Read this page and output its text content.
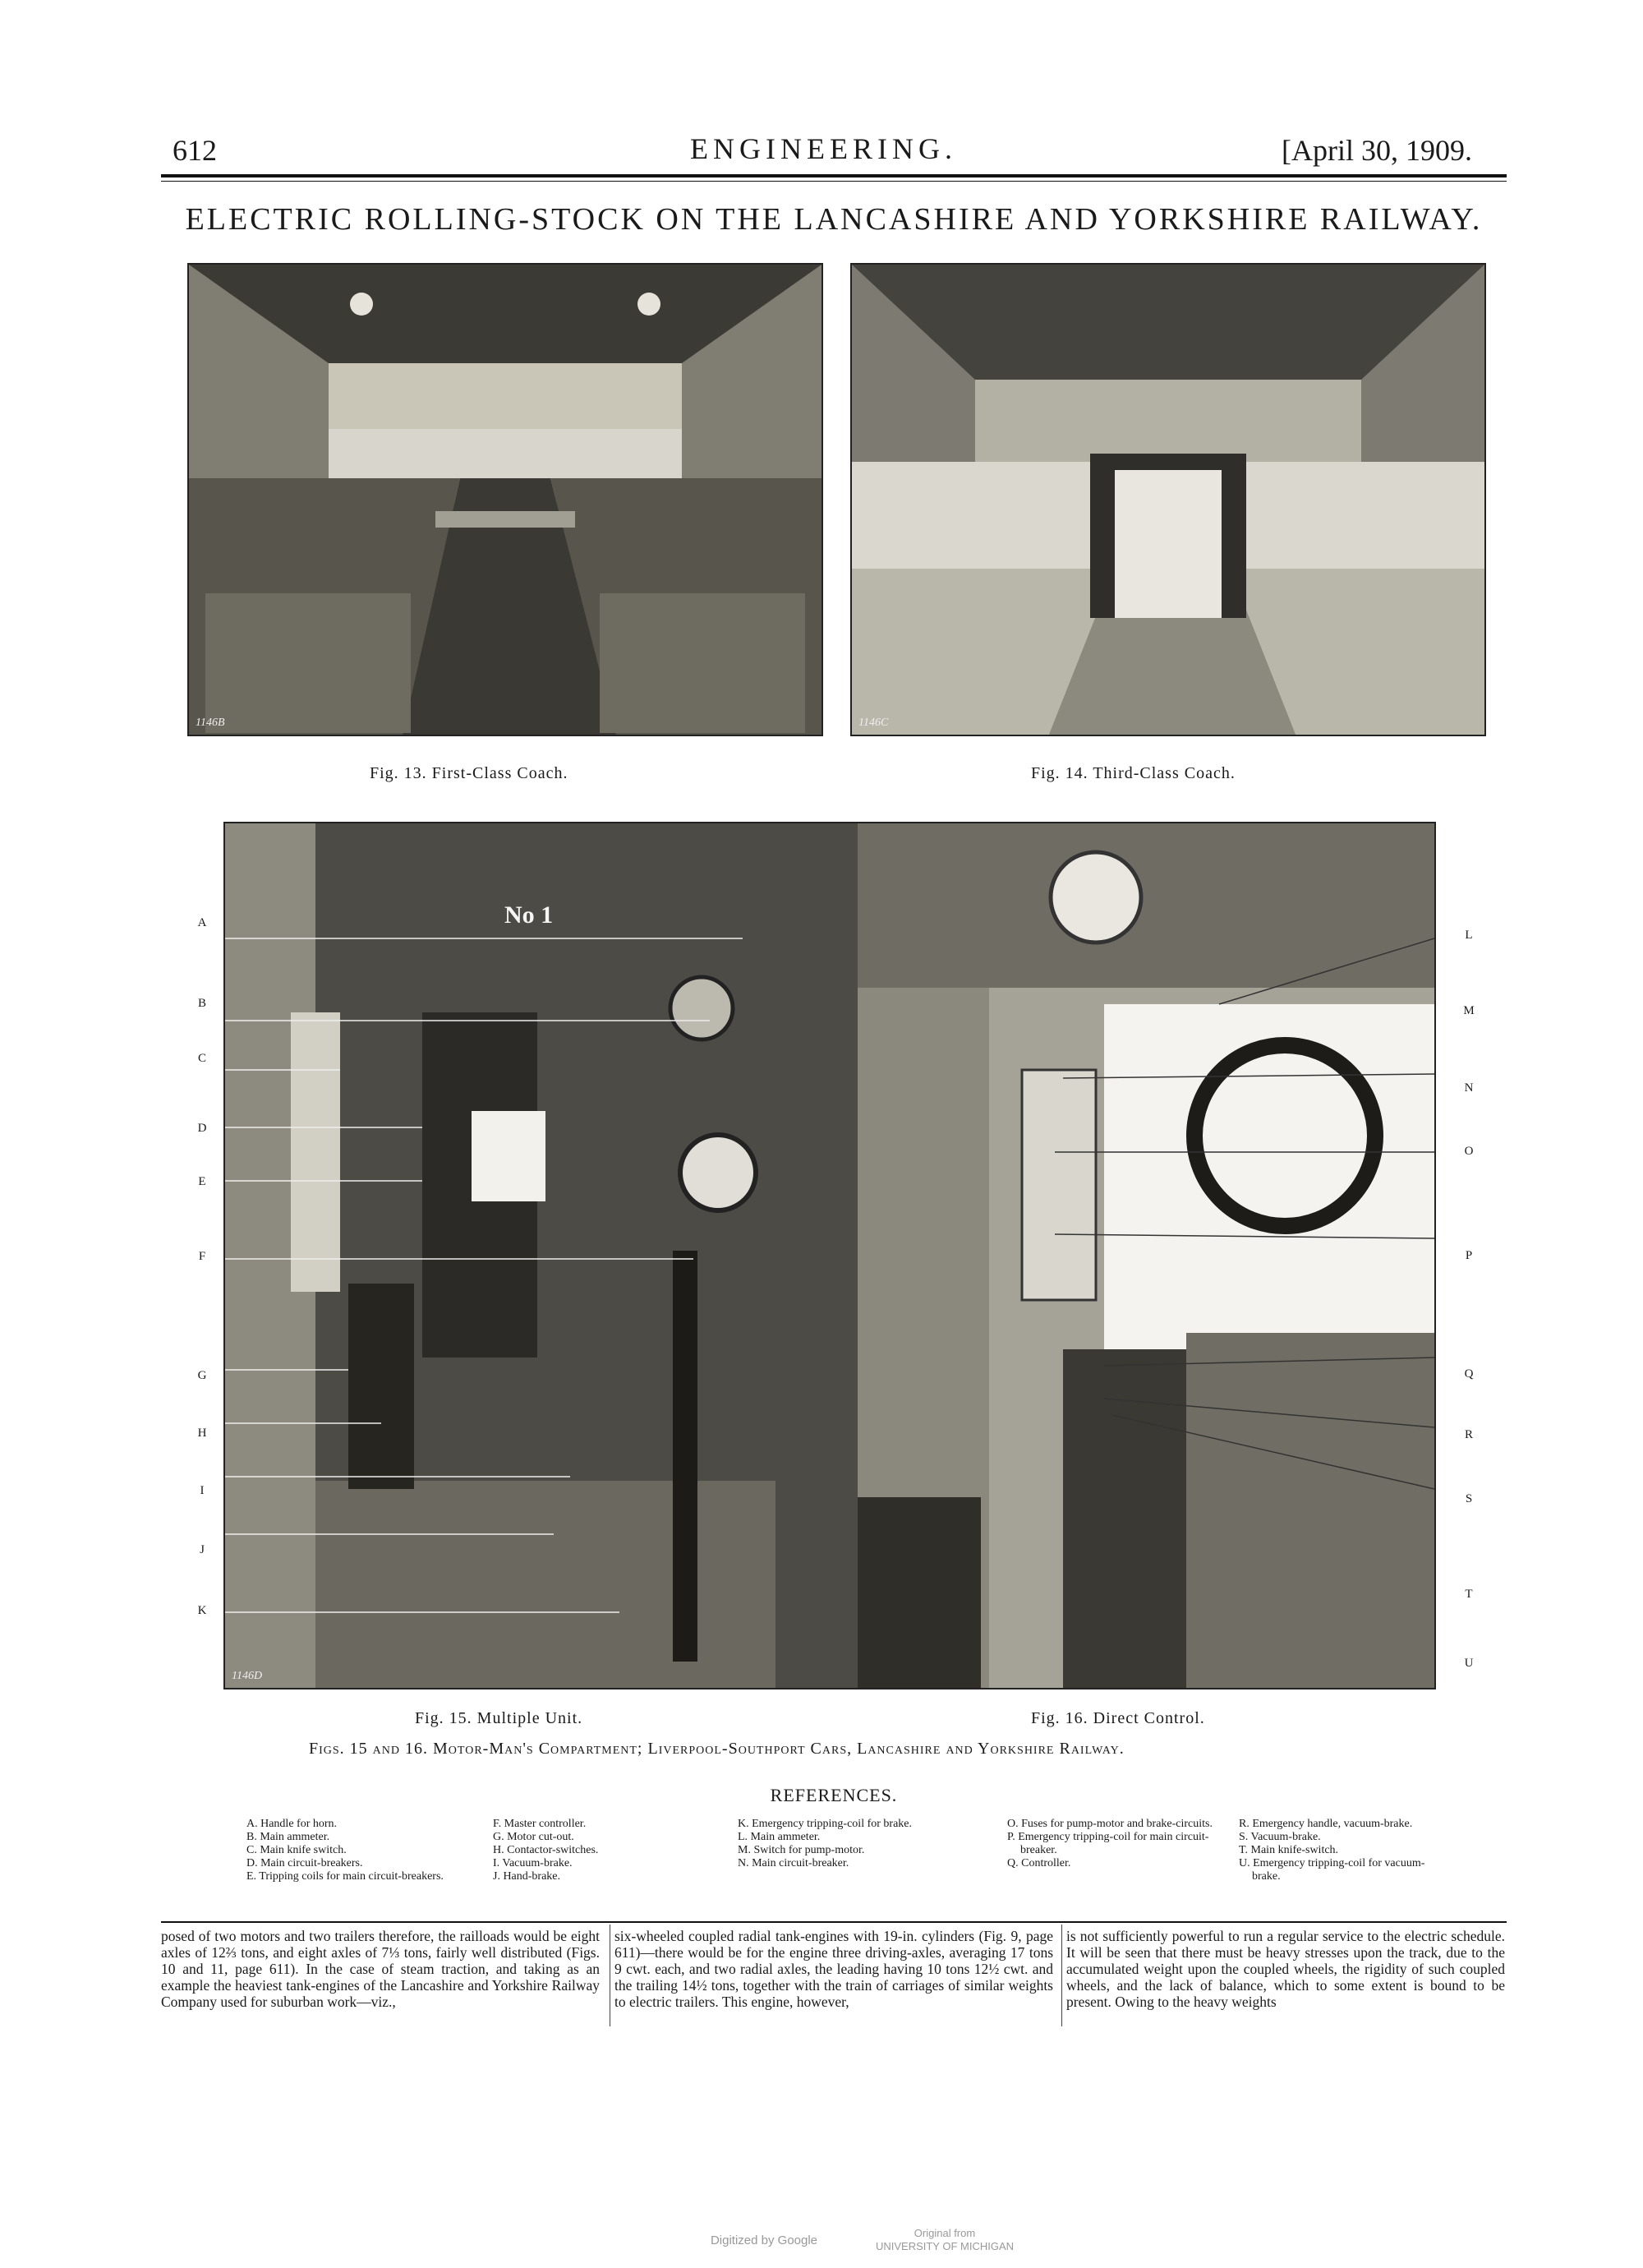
612	ENGINEERING.	[April 30, 1909.
ELECTRIC ROLLING-STOCK ON THE LANCASHIRE AND YORKSHIRE RAILWAY.
1146B
Fig. 13. First-Class Coach.
1146C
Fig. 14. Third-Class Coach.
No 1
1146D
A
B
C
D
E
F
G
H
I
J
K
L
M
N
O
P
Q
R
S
T
U
Fig. 15. Multiple Unit.	Fig. 16. Direct Control.
Figs. 15 and 16. Motor-Man's Compartment; Liverpool-Southport Cars, Lancashire and Yorkshire Railway.
REFERENCES.
A. Handle for horn.
B. Main ammeter.
C. Main knife switch.
D. Main circuit-breakers.
E. Tripping coils for main circuit-breakers.
F. Master controller.
G. Motor cut-out.
H. Contactor-switches.
I. Vacuum-brake.
J. Hand-brake.
K. Emergency tripping-coil for brake.
L. Main ammeter.
M. Switch for pump-motor.
N. Main circuit-breaker.
O. Fuses for pump-motor and brake-circuits.
P. Emergency tripping-coil for main circuit-breaker.
Q. Controller.
R. Emergency handle, vacuum-brake.
S. Vacuum-brake.
T. Main knife-switch.
U. Emergency tripping-coil for vacuum-brake.
posed of two motors and two trailers therefore, the railloads would be eight axles of 12⅔ tons, and eight axles of 7⅓ tons, fairly well distributed (Figs. 10 and 11, page 611). In the case of steam traction, and taking as an example the heaviest tank-engines of the Lancashire and Yorkshire Railway Company used for suburban work—viz.,
six-wheeled coupled radial tank-engines with 19-in. cylinders (Fig. 9, page 611)—there would be for the engine three driving-axles, averaging 17 tons 9 cwt. each, and two radial axles, the leading having 10 tons 12½ cwt. and the trailing 14½ tons, together with the train of carriages of similar weights to electric trailers. This engine, however,
is not sufficiently powerful to run a regular service to the electric schedule. It will be seen that there must be heavy stresses upon the track, due to the accumulated weight upon the coupled wheels, the rigidity of such coupled wheels, and the lack of balance, which to some extent is bound to be present. Owing to the heavy weights
Digitized by Google
Original from
UNIVERSITY OF MICHIGAN
